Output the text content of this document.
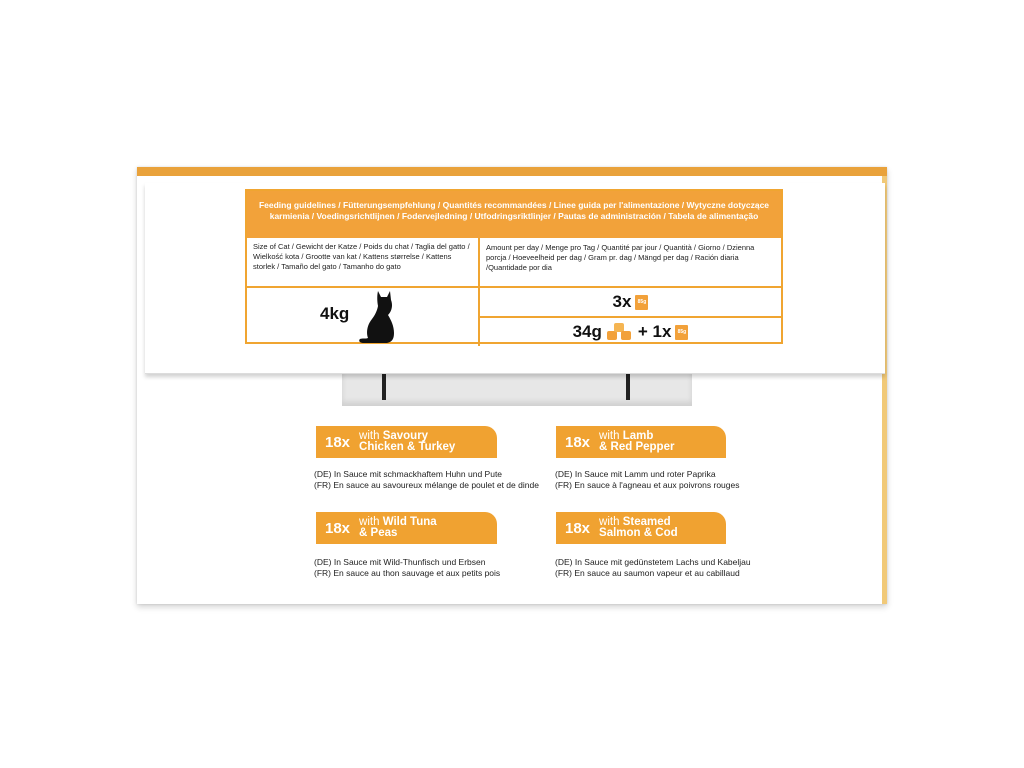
Feeding guidelines / Fütterungsempfehlung / Quantités recommandées / Linee guida per l'alimentazione / Wytyczne dotyczące karmienia / Voedingsrichtlijnen / Fodervejledning / Utfodringsriktlinjer / Pautas de administración / Tabela de alimentação
Size of Cat / Gewicht der Katze / Poids du chat / Taglia del gatto / Wielkość kota / Grootte van kat / Kattens størrelse / Kattens storlek / Tamaño del gato / Tamanho do gato
Amount per day / Menge pro Tag / Quantité par jour / Quantità / Giorno / Dzienna porcja / Hoeveelheid per dag / Gram pr. dag / Mängd per dag / Ración diaria /Quantidade por dia
4kg
3x	85g
34g + 1x	85g
18x with Savoury
Chicken & Turkey
(DE) In Sauce mit schmackhaftem Huhn und Pute
(FR) En sauce au savoureux mélange de poulet et de dinde
18x with Lamb
& Red Pepper
(DE) In Sauce mit Lamm und roter Paprika
(FR) En sauce à l'agneau et aux poivrons rouges
18x with Wild Tuna
& Peas
(DE) In Sauce mit Wild-Thunfisch und Erbsen
(FR) En sauce au thon sauvage et aux petits pois
18x with Steamed
Salmon & Cod
(DE) In Sauce mit gedünstetem Lachs und Kabeljau
(FR) En sauce au saumon vapeur et au cabillaud
